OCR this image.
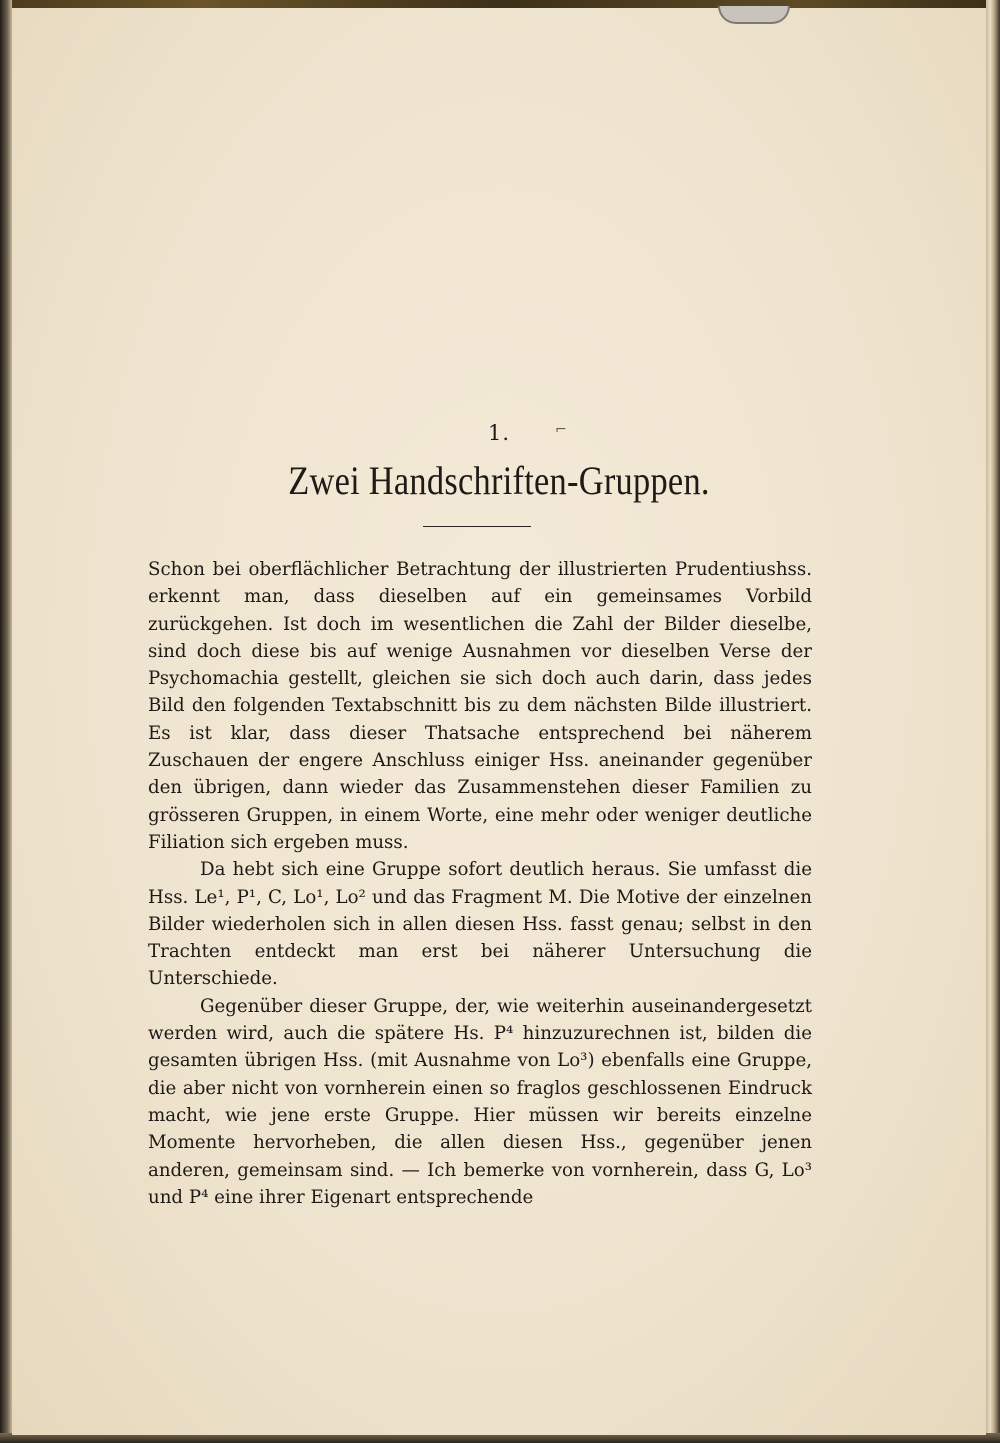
1.	⌐
Zwei Handschriften-Gruppen.

Schon bei oberflächlicher Betrachtung der illustrierten Prudentiushss. erkennt man, dass dieselben auf ein gemeinsames Vorbild zurückgehen. Ist doch im wesentlichen die Zahl der Bilder dieselbe, sind doch diese bis auf wenige Ausnahmen vor dieselben Verse der Psychomachia gestellt, gleichen sie sich doch auch darin, dass jedes Bild den folgenden Textabschnitt bis zu dem nächsten Bilde illustriert. Es ist klar, dass dieser Thatsache entsprechend bei näherem Zuschauen der engere Anschluss einiger Hss. aneinander gegenüber den übrigen, dann wieder das Zusammenstehen dieser Familien zu grösseren Gruppen, in einem Worte, eine mehr oder weniger deutliche Filiation sich ergeben muss.

Da hebt sich eine Gruppe sofort deutlich heraus. Sie umfasst die Hss. Le¹, P¹, C, Lo¹, Lo² und das Fragment M. Die Motive der einzelnen Bilder wiederholen sich in allen diesen Hss. fasst genau; selbst in den Trachten entdeckt man erst bei näherer Untersuchung die Unterschiede.

Gegenüber dieser Gruppe, der, wie weiterhin auseinandergesetzt werden wird, auch die spätere Hs. P⁴ hinzuzurechnen ist, bilden die gesamten übrigen Hss. (mit Ausnahme von Lo³) ebenfalls eine Gruppe, die aber nicht von vornherein einen so fraglos geschlossenen Eindruck macht, wie jene erste Gruppe. Hier müssen wir bereits einzelne Momente hervorheben, die allen diesen Hss., gegenüber jenen anderen, gemeinsam sind. — Ich bemerke von vornherein, dass G, Lo³ und P⁴ eine ihrer Eigenart entsprechende
